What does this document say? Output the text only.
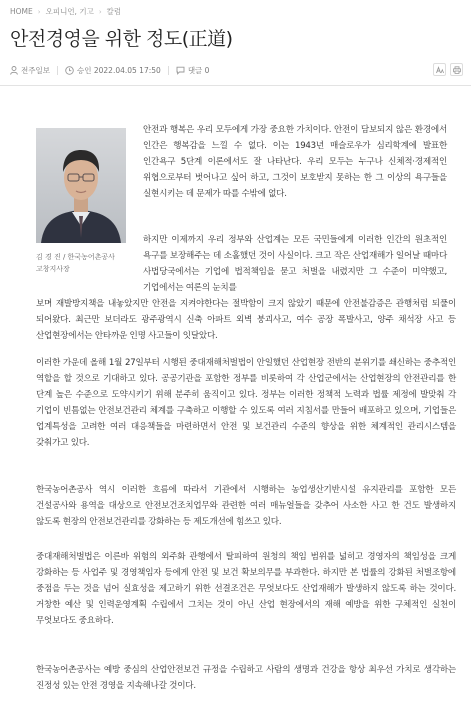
HOME › 오피니언, 기고 › 칼럼
안전경영을 위한 정도(正道)
전주일보	승인 2022.04.05 17:50	댓글 0
김 경 진 / 한국농어촌공사
고창지사장

안전과 행복은 우리 모두에게 가장 중요한 가치이다. 안전이 담보되지 않은 환경에서 인간은 행복감을 느낄 수 없다. 이는 1943년 매슬로우가 심리학계에 발표한 인간욕구 5단계 이론에서도 잘 나타난다. 우리 모두는 누구나 신체적·경제적인 위협으로부터 벗어나고 싶어 하고, 그것이 보호받지 못하는 한 그 이상의 욕구들을 실현시키는 데 문제가 따를 수밖에 없다.

하지만 이제까지 우리 정부와 산업계는 모든 국민들에게 이러한 인간의 원초적인 욕구를 보장해주는 데 소홀했던 것이 사실이다. 크고 작은 산업재해가 일어날 때마다 사법당국에서는 기업에 법적책임을 묻고 처벌을 내렸지만 그 수준이 미약했고, 기업에서는 여론의 눈치를

보며 재발방지책을 내놓았지만 안전을 지켜야한다는 절박함이 크지 않았기 때문에 안전불감증은 관행처럼 되풀이 되어왔다. 최근만 보더라도 광주광역시 신축 아파트 외벽 붕괴사고, 여수 공장 폭발사고, 양주 채석장 사고 등 산업현장에서는 안타까운 인명 사고들이 잇달았다.

이러한 가운데 올해 1월 27일부터 시행된 중대재해처벌법이 안일했던 산업현장 전반의 분위기를 쇄신하는 중추적인 역할을 할 것으로 기대하고 있다. 공공기관을 포함한 정부를 비롯하여 각 산업군에서는 산업현장의 안전관리를 한 단계 높은 수준으로 도약시키기 위해 분주히 움직이고 있다. 정부는 이러한 정책적 노력과 법률 제정에 발맞춰 각 기업이 빈틈없는 안전보건관리 체계를 구축하고 이행할 수 있도록 여러 지침서를 만들어 배포하고 있으며, 기업들은 업계특성을 고려한 여러 대응책들을 마련하면서 안전 및 보건관리 수준의 향상을 위한 체계적인 관리시스템을 갖춰가고 있다.

한국농어촌공사 역시 이러한 흐름에 따라서 기관에서 시행하는 농업생산기반시설 유지관리를 포함한 모든 건설공사와 용역을 대상으로 안전보건조치업무와 관련한 여러 매뉴얼들을 갖추어 사소한 사고 한 건도 발생하지 않도록 현장의 안전보건관리를 강화하는 등 제도개선에 힘쓰고 있다.

중대재해처벌법은 이른바 위험의 외주화 관행에서 탈피하여 원청의 책임 범위를 넓히고 경영자의 책임성을 크게 강화하는 등 사업주 및 경영책임자 등에게 안전 및 보건 확보의무를 부과한다. 하지만 본 법률의 강화된 처벌조항에 중점을 두는 것을 넘어 실효성을 제고하기 위한 선결조건은 무엇보다도 산업재해가 발생하지 않도록 하는 것이다. 거창한 예산 및 인력운영계획 수립에서 그치는 것이 아닌 산업 현장에서의 재해 예방을 위한 구체적인 실천이 무엇보다도 중요하다.

한국농어촌공사는 예방 중심의 산업안전보건 규정을 수립하고 사람의 생명과 건강을 항상 최우선 가치로 생각하는 진정성 있는 안전 경영을 지속해나갈 것이다.
